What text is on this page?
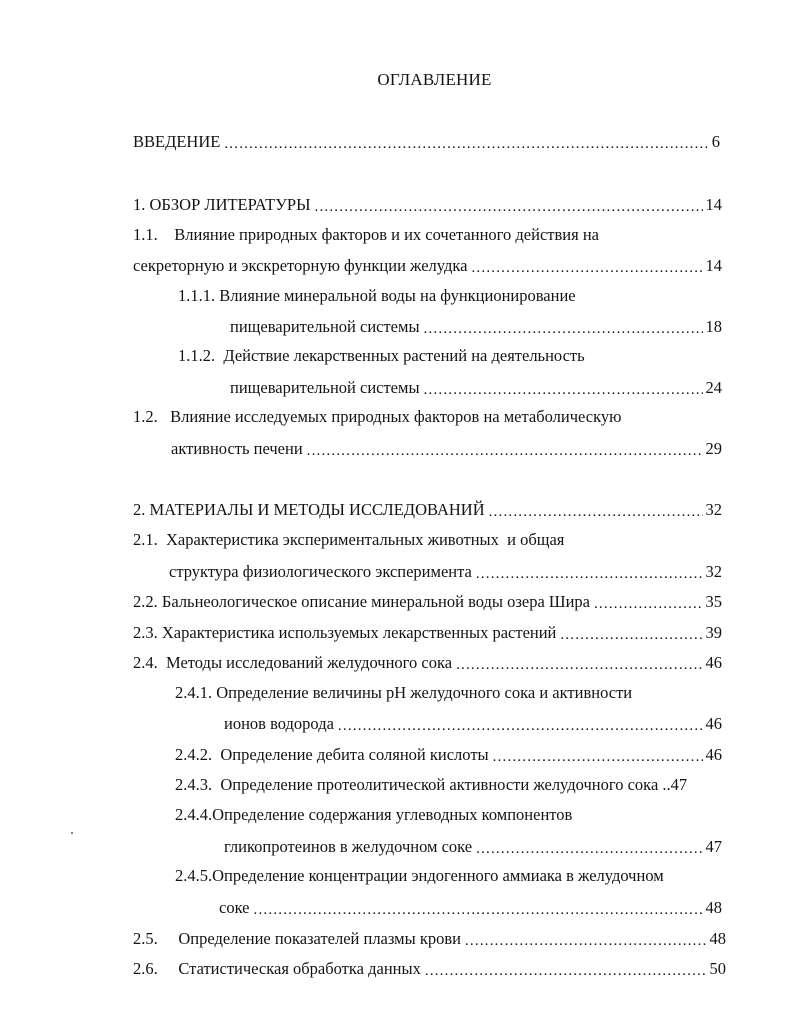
ОГЛАВЛЕНИЕ
ВВЕДЕНИЕ .....	6
1. ОБЗОР ЛИТЕРАТУРЫ .....	14
1.1.    Влияние природных факторов и их сочетанного действия на
секреторную и экскреторную функции желудка .....	14
1.1.1. Влияние минеральной воды на функционирование
пищеварительной системы .....	18
1.1.2.  Действие лекарственных растений на деятельность
пищеварительной системы .....	24
1.2.   Влияние исследуемых природных факторов на метаболическую
активность печени .....	29
2. МАТЕРИАЛЫ И МЕТОДЫ ИССЛЕДОВАНИЙ .....	32
2.1.  Характеристика экспериментальных животных  и общая
структура физиологического эксперимента .....	32
2.2. Бальнеологическое описание минеральной воды озера Шира .....	35
2.3. Характеристика используемых лекарственных растений .....	39
2.4.  Методы исследований желудочного сока .....	46
2.4.1. Определение величины pH желудочного сока и активности
ионов водорода .....	46
2.4.2.  Определение дебита соляной кислоты .....	46
2.4.3.  Определение протеолитической активности желудочного сока .. 47
2.4.4.Определение содержания углеводных компонентов
гликопротеинов в желудочном соке .....	47
2.4.5.Определение концентрации эндогенного аммиака в желудочном
соке .....	48
2.5.     Определение показателей плазмы крови .....	48
2.6.     Статистическая обработка данных .....	50
